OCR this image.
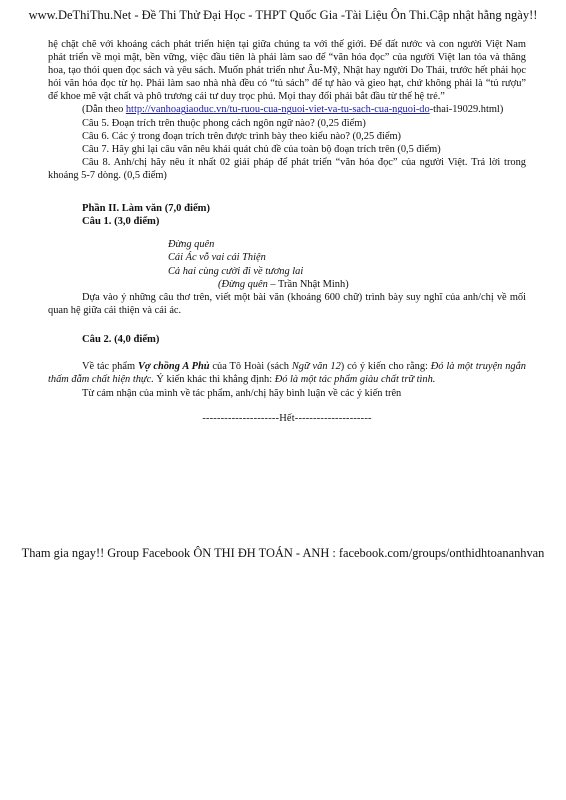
www.DeThiThu.Net - Đề Thi Thử Đại Học - THPT Quốc Gia -Tài Liệu Ôn Thi.Cập nhật hằng ngày!!

hệ chặt chẽ với khoảng cách phát triển hiện tại giữa chúng ta với thế giới. Để đất nước và con người Việt Nam phát triển về mọi mặt, bền vững, việc đầu tiên là phải làm sao để “văn hóa đọc” của người Việt lan tỏa và thăng hoa, tạo thói quen đọc sách và yêu sách. Muốn phát triển như Âu-Mỹ, Nhật hay người Do Thái, trước hết phải học hỏi văn hóa đọc từ họ. Phải làm sao nhà nhà đều có “tủ sách” để tự hào và gieo hạt, chứ không phải là “tủ rượu” để khoe mẽ vật chất và phô trương cái tư duy trọc phú. Mọi thay đổi phải bắt đầu từ thế hệ trẻ.”

(Dẫn theo http://vanhoagiaoduc.vn/tu-ruou-cua-nguoi-viet-va-tu-sach-cua-nguoi-do-thai-19029.html)

Câu 5. Đoạn trích trên thuộc phong cách ngôn ngữ nào? (0,25 điểm)

Câu 6. Các ý trong đoạn trích trên được trình bày theo kiểu nào? (0,25 điểm)

Câu 7. Hãy ghi lại câu văn nêu khái quát chủ đề của toàn bộ đoạn trích trên (0,5 điểm)

Câu 8. Anh/chị hãy nêu ít nhất 02 giải pháp để phát triển “văn hóa đọc” của người Việt. Trả lời trong khoảng 5-7 dòng. (0,5 điểm)

Phần II. Làm văn (7,0 điểm)

Câu 1. (3,0 điểm)

Đừng quên
Cái Ác vỗ vai cái Thiện
Cả hai cùng cười đi về tương lai
(Đừng quên – Trần Nhật Minh)

Dựa vào ý những câu thơ trên, viết một bài văn (khoảng 600 chữ) trình bày suy nghĩ của anh/chị về mối quan hệ giữa cái thiện và cái ác.

Câu 2. (4,0 điểm)

Về tác phẩm Vợ chồng A Phủ của Tô Hoài (sách Ngữ văn 12) có ý kiến cho rằng: Đó là một truyện ngắn thấm đẫm chất hiện thực. Ý kiến khác thì khẳng định: Đó là một tác phẩm giàu chất trữ tình.

Từ cảm nhận của mình về tác phẩm, anh/chị hãy bình luận về các ý kiến trên

---------------------Hết---------------------
Tham gia ngay!! Group Facebook ÔN THI ĐH TOÁN - ANH : facebook.com/groups/onthidhtoananhvan
